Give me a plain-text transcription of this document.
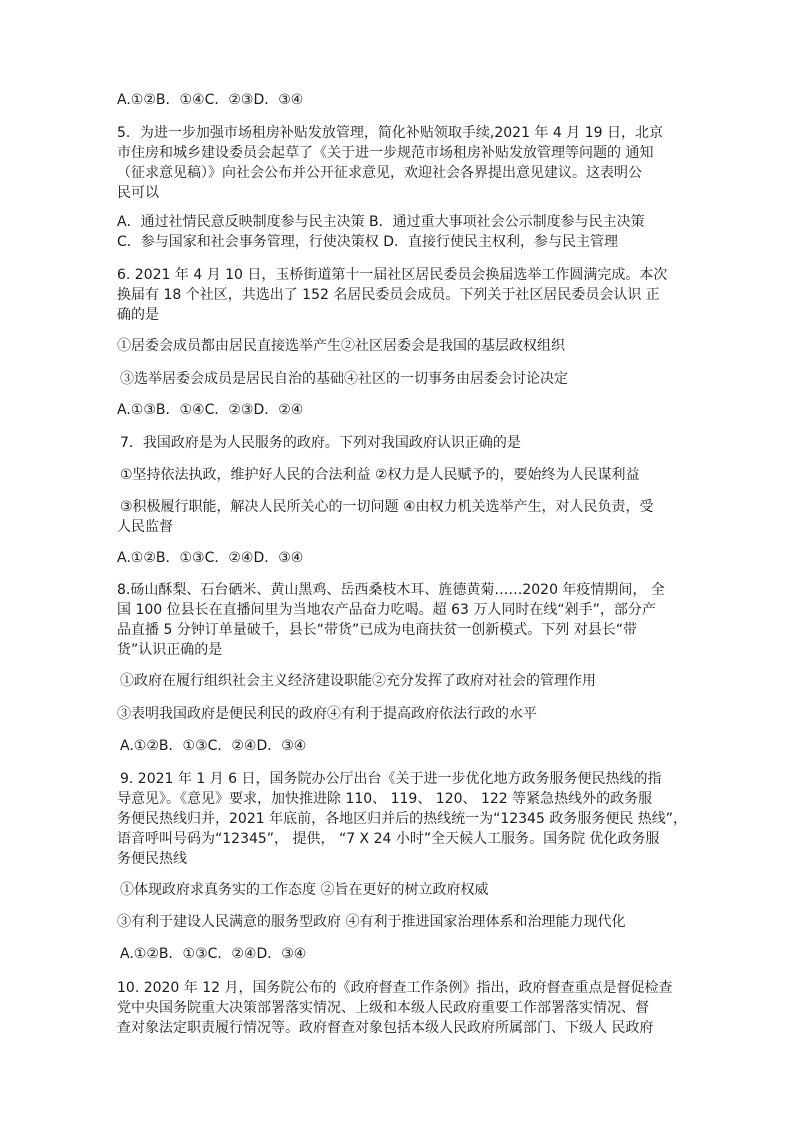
A.①②B．①④C．②③D．③④
5．为进一步加强市场租房补贴发放管理，简化补贴领取手续,2021 年 4 月 19 日，北京
市住房和城乡建设委员会起草了《关于进一步规范市场租房补贴发放管理等问题的 通知
（征求意见稿）》向社会公布并公开征求意见，欢迎社会各界提出意见建议。这表明公
民可以
A．通过社情民意反映制度参与民主决策 B．通过重大事项社会公示制度参与民主决策
C．参与国家和社会事务管理，行使决策权 D．直接行使民主权利，参与民主管理
6. 2021 年 4 月 10 日，玉桥街道第十一届社区居民委员会换届选举工作圆满完成。本次
换届有 18 个社区，共选出了 152 名居民委员会成员。下列关于社区居民委员会认识 正
确的是
①居委会成员都由居民直接选举产生②社区居委会是我国的基层政权组织
③选举居委会成员是居民自治的基础④社区的一切事务由居委会讨论决定
A.①③B．①④C．②③D．②④
7．我国政府是为人民服务的政府。下列对我国政府认识正确的是
①坚持依法执政，维护好人民的合法利益 ②权力是人民赋予的，要始终为人民谋利益
③积极履行职能，解决人民所关心的一切问题 ④由权力机关选举产生，对人民负责，受
人民监督
A.①②B．①③C．②④D．③④
8.砀山酥梨、石台硒米、黄山黑鸡、岳西桑枝木耳、旌德黄菊……2020 年疫情期间， 全
国 100 位县长在直播间里为当地农产品奋力吃喝。超 63 万人同时在线“剁手”，部分产
品直播 5 分钟订单量破千，县长“带货”已成为电商扶贫一创新模式。下列 对县长“带
货”认识正确的是
①政府在履行组织社会主义经济建设职能②充分发挥了政府对社会的管理作用
③表明我国政府是便民利民的政府④有利于提高政府依法行政的水平
A.①②B．①③C．②④D．③④
9. 2021 年 1 月 6 日，国务院办公厅出台《关于进一步优化地方政务服务便民热线的指
导意见》。《意见》要求，加快推进除 110、 119、 120、 122 等紧急热线外的政务服
务便民热线归并，2021 年底前，各地区归并后的热线统一为“12345 政务服务便民 热线”，
语音呼叫号码为“12345”， 提供， “7 X 24 小时”全天候人工服务。国务院 优化政务服
务便民热线
①体现政府求真务实的工作态度 ②旨在更好的树立政府权威
③有利于建设人民满意的服务型政府 ④有利于推进国家治理体系和治理能力现代化
A.①②B．①③C．②④D．③④
10. 2020 年 12 月，国务院公布的《政府督查工作条例》指出，政府督查重点是督促检查
党中央国务院重大决策部署落实情况、上级和本级人民政府重要工作部署落实情况、督
查对象法定职责履行情况等。政府督查对象包括本级人民政府所属部门、下级人 民政府
